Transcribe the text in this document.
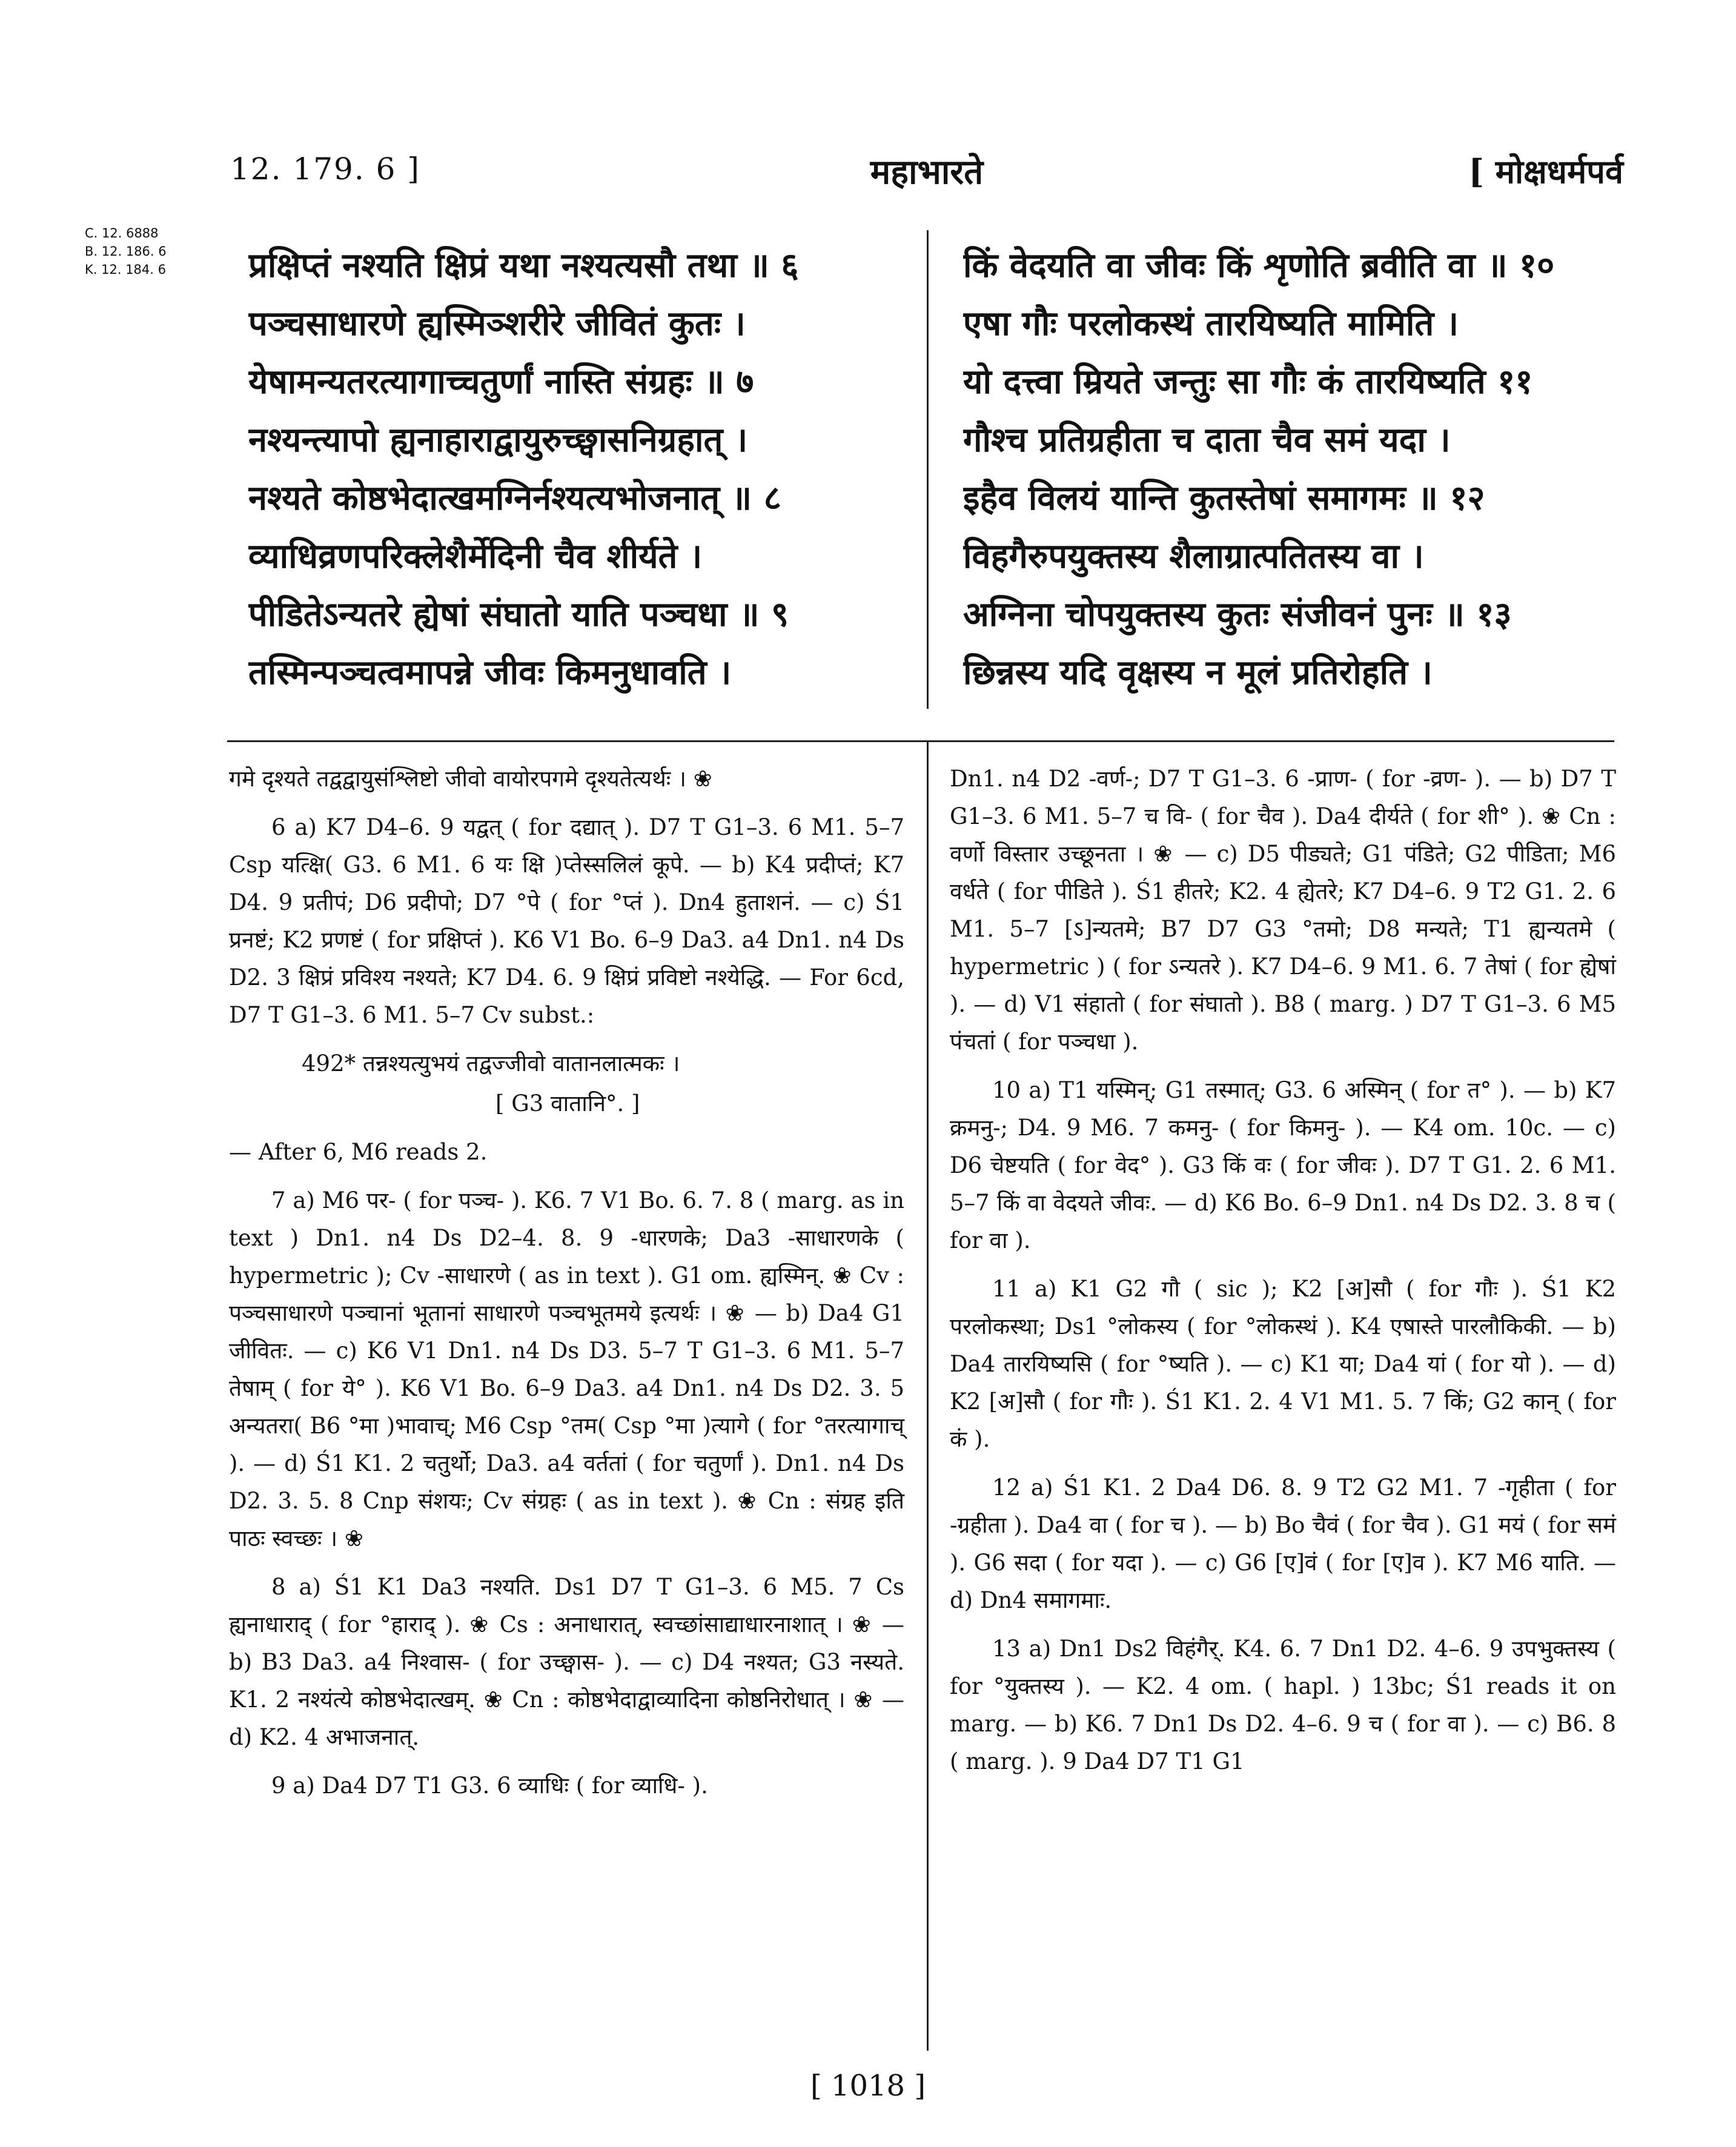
12. 179. 6 ]	महाभारते	[ मोक्षधर्मपर्व
C. 12. 6888
B. 12. 186. 6
K. 12. 184. 6 प्रक्षिप्तं नश्यति क्षिप्रं यथा नश्यत्यसौ तथा ॥ ६
पञ्चसाधारणे ह्यस्मिञ्शरीरे जीवितं कुतः ।
येषामन्यतरत्यागाच्चतुर्णां नास्ति संग्रहः ॥ ७
नश्यन्त्यापो ह्यनाहाराद्वायुरुच्छ्वासनिग्रहात् ।
नश्यते कोष्ठभेदात्खमग्निर्नश्यत्यभोजनात् ॥ ८
व्याधिव्रणपरिक्लेशैर्मेदिनी चैव शीर्यते ।
पीडितेऽन्यतरे ह्येषां संघातो याति पञ्चधा ॥ ९
तस्मिन्पञ्चत्वमापन्ने जीवः किमनुधावति ।
किं वेदयति वा जीवः किं शृणोति ब्रवीति वा ॥ १०
एषा गौः परलोकस्थं तारयिष्यति मामिति ।
यो दत्त्वा म्रियते जन्तुः सा गौः कं तारयिष्यति ११
गौश्च प्रतिग्रहीता च दाता चैव समं यदा ।
इहैव विलयं यान्ति कुतस्तेषां समागमः ॥ १२
विहगैरुपयुक्तस्य शैलाग्रात्पतितस्य वा ।
अग्निना चोपयुक्तस्य कुतः संजीवनं पुनः ॥ १३
छिन्नस्य यदि वृक्षस्य न मूलं प्रतिरोहति ।

गमे दृश्यते तद्वद्वायुसंश्लिष्टो जीवो वायोरपगमे दृश्यतेत्यर्थः । ❀

6 a) K7 D4–6. 9 यद्वत् ( for दद्यात् ). D7 T G1–3. 6 M1. 5–7 Csp यत्क्षि( G3. 6 M1. 6 यः क्षि )प्तेस्सलिलं कूपे. — b) K4 प्रदीप्तं; K7 D4. 9 प्रतीपं; D6 प्रदीपो; D7 °पे ( for °प्तं ). Dn4 हुताशनं. — c) Ś1 प्रनष्टं; K2 प्रणष्टं ( for प्रक्षिप्तं ). K6 V1 Bo. 6–9 Da3. a4 Dn1. n4 Ds D2. 3 क्षिप्रं प्रविश्य नश्यते; K7 D4. 6. 9 क्षिप्रं प्रविष्टो नश्येद्धि. — For 6cd, D7 T G1–3. 6 M1. 5–7 Cv subst.:

492* तन्नश्यत्युभयं तद्वज्जीवो वातानलात्मकः ।

[ G3 वातानि°. ]

— After 6, M6 reads 2.

7 a) M6 पर- ( for पञ्च- ). K6. 7 V1 Bo. 6. 7. 8 ( marg. as in text ) Dn1. n4 Ds D2–4. 8. 9 -धारणके; Da3 -साधारणके ( hypermetric ); Cv -साधारणे ( as in text ). G1 om. ह्यस्मिन्. ❀ Cv : पञ्चसाधारणे पञ्चानां भूतानां साधारणे पञ्चभूतमये इत्यर्थः । ❀ — b) Da4 G1 जीवितः. — c) K6 V1 Dn1. n4 Ds D3. 5–7 T G1–3. 6 M1. 5–7 तेषाम् ( for ये° ). K6 V1 Bo. 6–9 Da3. a4 Dn1. n4 Ds D2. 3. 5 अन्यतरा( B6 °मा )भावाच्; M6 Csp °तम( Csp °मा )त्यागे ( for °तरत्यागाच् ). — d) Ś1 K1. 2 चतुर्थो; Da3. a4 वर्ततां ( for चतुर्णां ). Dn1. n4 Ds D2. 3. 5. 8 Cnp संशयः; Cv संग्रहः ( as in text ). ❀ Cn : संग्रह इति पाठः स्वच्छः । ❀

8 a) Ś1 K1 Da3 नश्यति. Ds1 D7 T G1–3. 6 M5. 7 Cs ह्यनाधाराद् ( for °हाराद् ). ❀ Cs : अनाधारात्, स्वच्छांसाद्याधारनाशात् । ❀ — b) B3 Da3. a4 निश्वास- ( for उच्छ्वास- ). — c) D4 नश्यत; G3 नस्यते. K1. 2 नश्यंत्ये कोष्ठभेदात्खम्. ❀ Cn : कोष्ठभेदाद्वाव्यादिना कोष्ठनिरोधात् । ❀ — d) K2. 4 अभाजनात्.

9 a) Da4 D7 T1 G3. 6 व्याधिः ( for व्याधि- ).

Dn1. n4 D2 -वर्ण-; D7 T G1–3. 6 -प्राण- ( for -व्रण- ). — b) D7 T G1–3. 6 M1. 5–7 च वि- ( for चैव ). Da4 दीर्यते ( for शी° ). ❀ Cn : वर्णो विस्तार उच्छूनता । ❀ — c) D5 पीड्यते; G1 पंडिते; G2 पीडिता; M6 वर्धते ( for पीडिते ). Ś1 हीतरे; K2. 4 ह्येतरे; K7 D4–6. 9 T2 G1. 2. 6 M1. 5–7 [ऽ]न्यतमे; B7 D7 G3 °तमो; D8 मन्यते; T1 ह्यन्यतमे ( hypermetric ) ( for ऽन्यतरे ). K7 D4–6. 9 M1. 6. 7 तेषां ( for ह्येषां ). — d) V1 संहातो ( for संघातो ). B8 ( marg. ) D7 T G1–3. 6 M5 पंचतां ( for पञ्चधा ).

10 a) T1 यस्मिन्; G1 तस्मात्; G3. 6 अस्मिन् ( for त° ). — b) K7 क्रमनु-; D4. 9 M6. 7 कमनु- ( for किमनु- ). — K4 om. 10c. — c) D6 चेष्टयति ( for वेद° ). G3 किं वः ( for जीवः ). D7 T G1. 2. 6 M1. 5–7 किं वा वेदयते जीवः. — d) K6 Bo. 6–9 Dn1. n4 Ds D2. 3. 8 च ( for वा ).

11 a) K1 G2 गौ ( sic ); K2 [अ]सौ ( for गौः ). Ś1 K2 परलोकस्था; Ds1 °लोकस्य ( for °लोकस्थं ). K4 एषास्ते पारलौकिकी. — b) Da4 तारयिष्यसि ( for °ष्यति ). — c) K1 या; Da4 यां ( for यो ). — d) K2 [अ]सौ ( for गौः ). Ś1 K1. 2. 4 V1 M1. 5. 7 किं; G2 कान् ( for कं ).

12 a) Ś1 K1. 2 Da4 D6. 8. 9 T2 G2 M1. 7 -गृहीता ( for -ग्रहीता ). Da4 वा ( for च ). — b) Bo चैवं ( for चैव ). G1 मयं ( for समं ). G6 सदा ( for यदा ). — c) G6 [ए]वं ( for [ए]व ). K7 M6 याति. — d) Dn4 समागमाः.

13 a) Dn1 Ds2 विहंगैर्. K4. 6. 7 Dn1 D2. 4–6. 9 उपभुक्तस्य ( for °युक्तस्य ). — K2. 4 om. ( hapl. ) 13bc; Ś1 reads it on marg. — b) K6. 7 Dn1 Ds D2. 4–6. 9 च ( for वा ). — c) B6. 8 ( marg. ). 9 Da4 D7 T1 G1

[ 1018 ]
